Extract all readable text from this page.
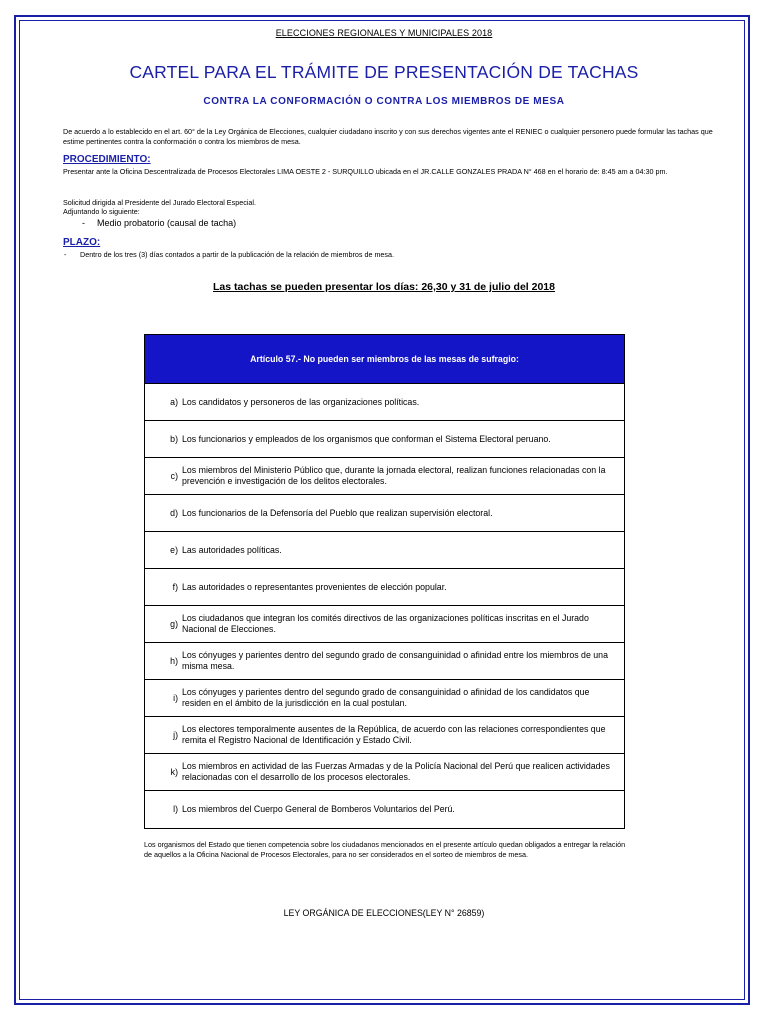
ELECCIONES REGIONALES Y MUNICIPALES 2018
CARTEL PARA EL TRÁMITE DE PRESENTACIÓN DE TACHAS
CONTRA LA CONFORMACIÓN O CONTRA LOS MIEMBROS DE MESA
De acuerdo a lo establecido en el art. 60° de la Ley Orgánica de Elecciones, cualquier ciudadano inscrito y con sus derechos vigentes ante el RENIEC o cualquier personero puede formular las tachas que estime pertinentes contra la conformación o contra los miembros de mesa.
PROCEDIMIENTO:
Presentar ante la Oficina Descentralizada de Procesos Electorales LIMA OESTE 2 - SURQUILLO ubicada en el JR.CALLE GONZALES PRADA N° 468 en el horario de: 8:45 am a 04:30 pm.
Solicitud dirigida al Presidente del Jurado Electoral Especial.
Adjuntando lo siguiente:
- Medio probatorio (causal de tacha)
PLAZO:
- Dentro de los tres (3) días contados a partir de la publicación de la relación de miembros de mesa.
Las tachas se pueden presentar los días: 26,30 y 31 de julio del 2018
Artículo 57.- No pueden ser miembros de las mesas de sufragio:
a) Los candidatos y personeros de las organizaciones políticas.
b) Los funcionarios y empleados de los organismos que conforman el Sistema Electoral peruano.
c)
Los miembros del Ministerio Público que, durante la jornada electoral, realizan funciones relacionadas con la prevención e investigación de los delitos electorales.
d) Los funcionarios de la Defensoría del Pueblo que realizan supervisión electoral.
e) Las autoridades políticas.
f) Las autoridades o representantes provenientes de elección popular.
g)
Los ciudadanos que integran los comités directivos de las organizaciones políticas inscritas en el Jurado Nacional de Elecciones.
h)
Los cónyuges y parientes dentro del segundo grado de consanguinidad o afinidad entre los miembros de una misma mesa.
i)
Los cónyuges y parientes dentro del segundo grado de consanguinidad o afinidad de los candidatos que residen en el ámbito de la jurisdicción en la cual postulan.
j)
Los electores temporalmente ausentes de la República, de acuerdo con las relaciones correspondientes que remita el Registro Nacional de Identificación y Estado Civil.
k)
Los miembros en actividad de las Fuerzas Armadas y de la Policía Nacional del Perú que realicen actividades relacionadas con el desarrollo de los procesos electorales.
l) Los miembros del Cuerpo General de Bomberos Voluntarios del Perú.
Los organismos del Estado que tienen competencia sobre los ciudadanos mencionados en el presente artículo quedan obligados a entregar la relación de aquellos a la Oficina Nacional de Procesos Electorales, para no ser considerados en el sorteo de miembros de mesa.
LEY ORGÁNICA DE ELECCIONES(LEY N° 26859)
